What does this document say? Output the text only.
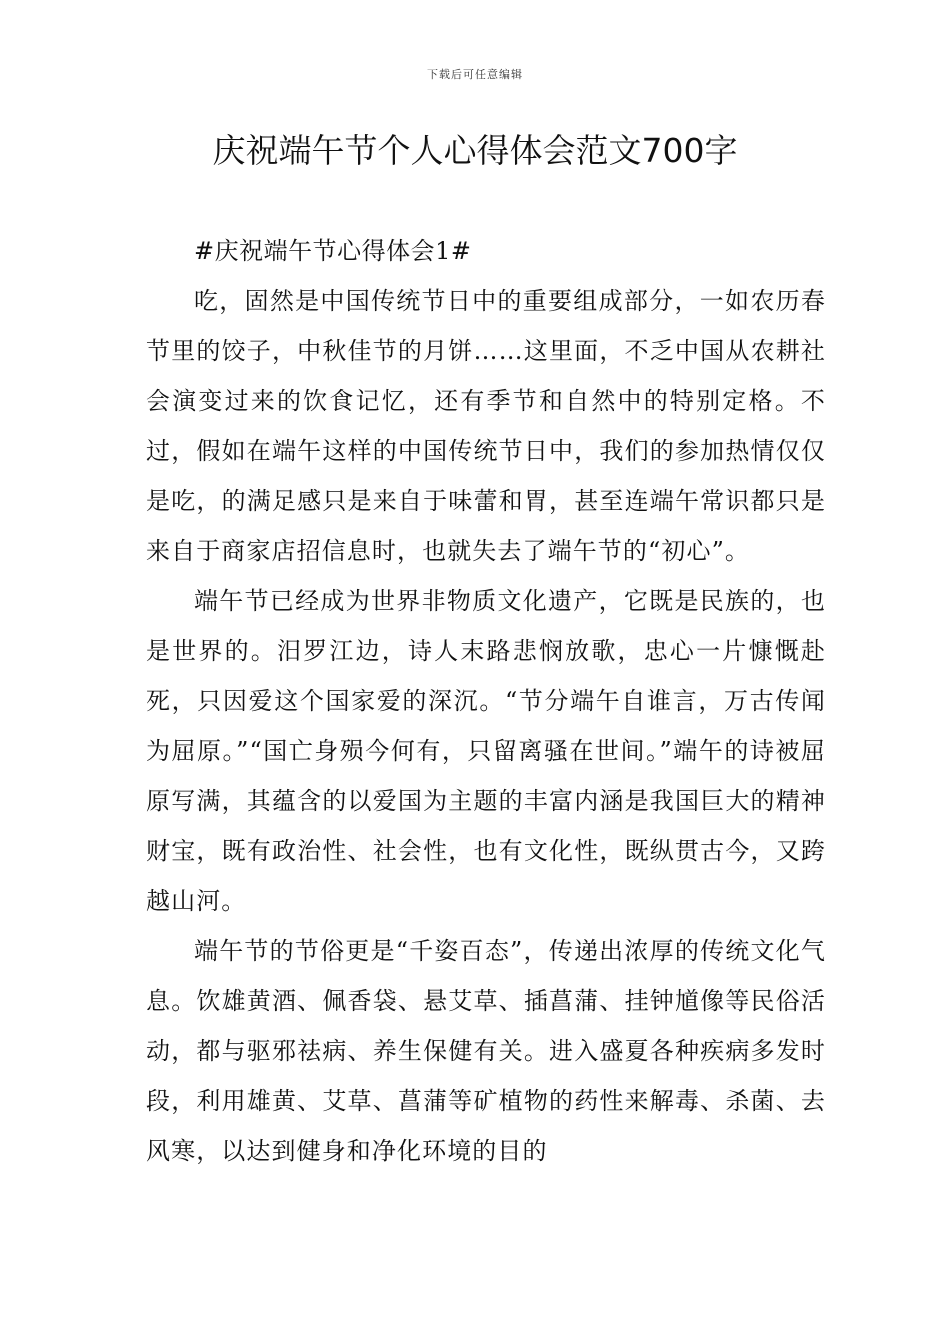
下载后可任意编辑
庆祝端午节个人心得体会范文700字

#庆祝端午节心得体会1#

吃，固然是中国传统节日中的重要组成部分，一如农历春节里的饺子，中秋佳节的月饼……这里面，不乏中国从农耕社会演变过来的饮食记忆，还有季节和自然中的特别定格。不过，假如在端午这样的中国传统节日中，我们的参加热情仅仅是吃，的满足感只是来自于味蕾和胃，甚至连端午常识都只是来自于商家店招信息时，也就失去了端午节的“初心”。

端午节已经成为世界非物质文化遗产，它既是民族的，也是世界的。汨罗江边，诗人末路悲悯放歌，忠心一片慷慨赴死，只因爱这个国家爱的深沉。“节分端午自谁言，万古传闻为屈原。”“国亡身殒今何有，只留离骚在世间。”端午的诗被屈原写满，其蕴含的以爱国为主题的丰富内涵是我国巨大的精神财宝，既有政治性、社会性，也有文化性，既纵贯古今，又跨越山河。

端午节的节俗更是“千姿百态”，传递出浓厚的传统文化气息。饮雄黄酒、佩香袋、悬艾草、插菖蒲、挂钟馗像等民俗活动，都与驱邪祛病、养生保健有关。进入盛夏各种疾病多发时段，利用雄黄、艾草、菖蒲等矿植物的药性来解毒、杀菌、去风寒，以达到健身和净化环境的目的
